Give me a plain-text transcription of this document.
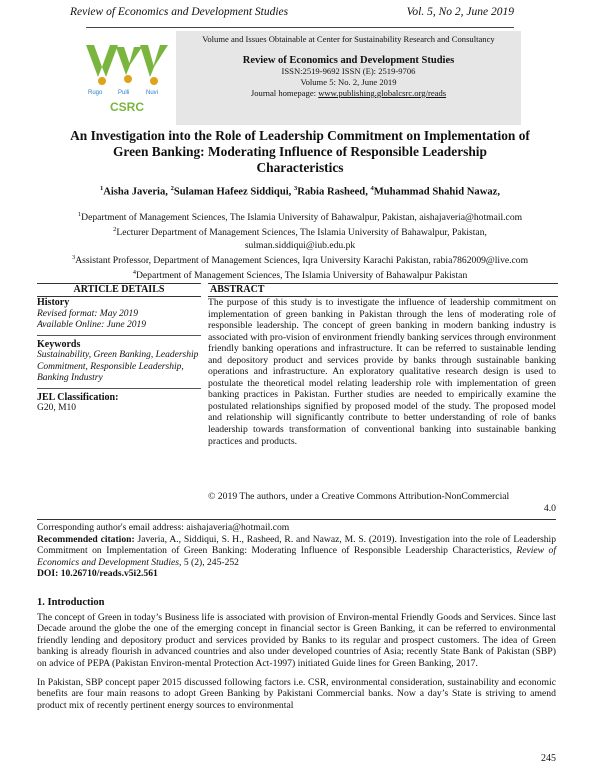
Review of Economics and Development Studies	Vol. 5, No 2, June 2019
Rugo	Pulli	Nuvi
CSRC
Volume and Issues Obtainable at Center for Sustainability Research and Consultancy
Review of Economics and Development Studies
ISSN:2519-9692 ISSN (E): 2519-9706
Volume 5: No. 2, June 2019
Journal homepage: www.publishing.globalcsrc.org/reads
An Investigation into the Role of Leadership Commitment on Implementation of Green Banking: Moderating Influence of Responsible Leadership Characteristics
$^1$Aisha Javeria, $^2$Sulaman Hafeez Siddiqui, $^3$Rabia Rasheed, $^4$Muhammad Shahid Nawaz,
$^1$Department of Management Sciences, The Islamia University of Bahawalpur, Pakistan, aishajaveria@hotmail.com
$^2$Lecturer Department of Management Sciences, The Islamia University of Bahawalpur, Pakistan,
sulman.siddiqui@iub.edu.pk
$^3$Assistant Professor, Department of Management Sciences, Iqra University Karachi Pakistan, rabia7862009@live.com
$^4$Department of Management Sciences, The Islamia University of Bahawalpur Pakistan
ARTICLE DETAILS	ABSTRACT
History
Revised format: May 2019
Available Online: June 2019
Keywords
Sustainability, Green Banking, Leadership Commitment, Responsible Leadership, Banking Industry
JEL Classification:
G20, M10
The purpose of this study is to investigate the influence of leadership commitment on implementation of green banking in Pakistan through the lens of moderating role of responsible leadership. The concept of green banking in modern banking industry is associated with pro-vision of environment friendly banking services through environment friendly banking operations and infrastructure. It can be referred to sustainable lending and depository product and services provide by banks through sustainable banking operations and infrastructure. An exploratory qualitative research design is used to postulate the theoretical model relating leadership role with implementation of green banking practices in Pakistan. Further studies are needed to empirically examine the postulated relationships signified by proposed model of the study. The proposed model and relationship will significantly contribute to better understanding of role of banks leadership towards transformation of conventional banking into sustainable banking practices and products.
© 2019 The authors, under a Creative Commons Attribution-NonCommercial
4.0
Corresponding author's email address: aishajaveria@hotmail.com
Recommended citation: Javeria, A., Siddiqui, S. H., Rasheed, R. and Nawaz, M. S. (2019). Investigation into the role of Leadership Commitment on Implementation of Green Banking: Moderating Influence of Responsible Leadership Characteristics, Review of Economics and Development Studies, 5 (2), 245-252
DOI: 10.26710/reads.v5i2.561
1. Introduction

The concept of Green in today’s Business life is associated with provision of Environ-mental Friendly Goods and Services. Since last Decade around the globe the one of the emerging concept in financial sector is Green Banking, it can be referred to environmental friendly lending and depository product and services provided by Banks to its regular and prospect customers. The idea of Green banking is already flourish in advanced countries and also under developed countries of Asia; recently State Bank of Pakistan (SBP) on advice of PEPA (Pakistan Environ-mental Protection Act-1997) initiated Guide lines for Green Banking, 2017.

In Pakistan, SBP concept paper 2015 discussed following factors i.e. CSR, environmental consideration, sustainability and economic benefits are four main reasons to adopt Green Banking by Pakistani Commercial banks. Now a day’s State is striving to amend product mix of recently pertinent energy sources to environmental

245
